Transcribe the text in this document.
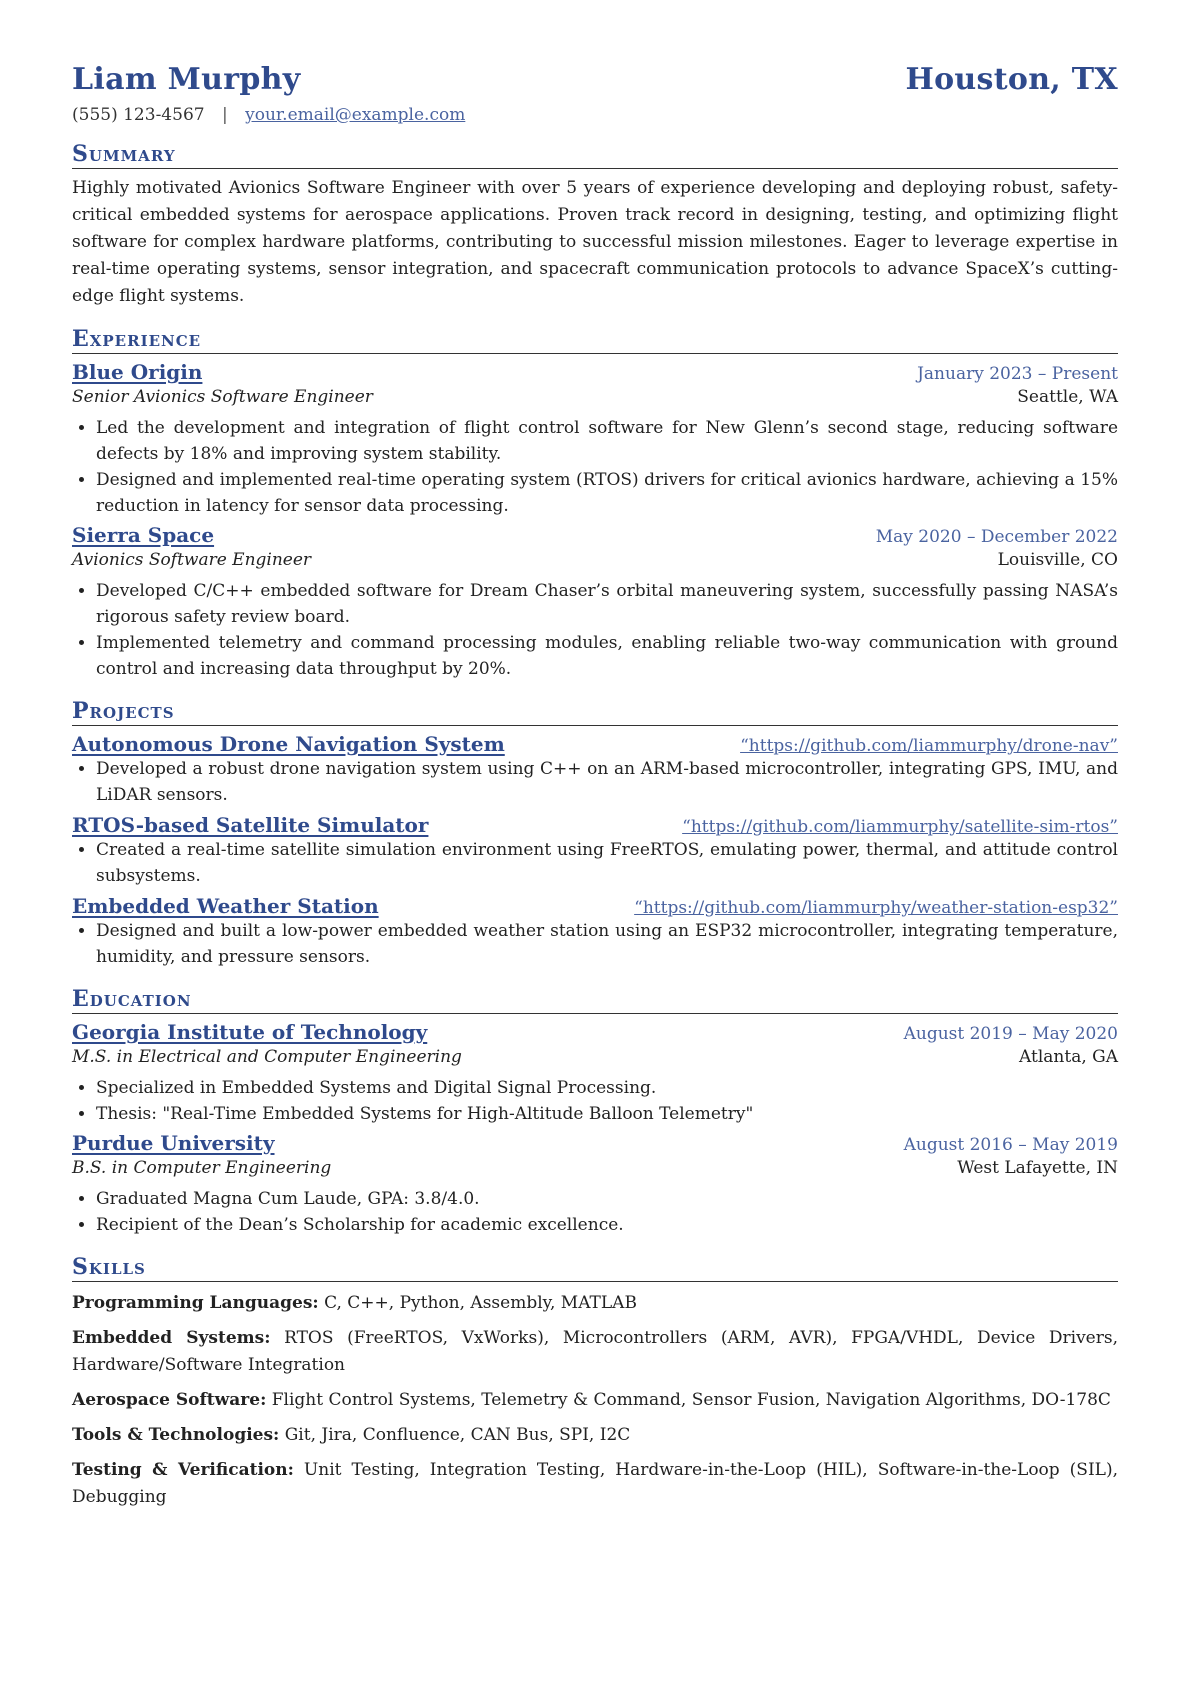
Liam Murphy	Houston, TX
(555) 123-4567 | your.email@example.com
Summary

Highly motivated Avionics Software Engineer with over 5 years of experience developing and deploying robust, safety-critical embedded systems for aerospace applications. Proven track record in designing, testing, and optimizing flight software for complex hardware platforms, contributing to successful mission milestones. Eager to leverage expertise in real-time operating systems, sensor integration, and spacecraft communication protocols to advance SpaceX’s cutting-edge flight systems.

Experience
Blue Origin	January 2023 – Present
Senior Avionics Software Engineer	Seattle, WA
• Led the development and integration of flight control software for New Glenn’s second stage, reducing software defects by 18% and improving system stability.
• Designed and implemented real-time operating system (RTOS) drivers for critical avionics hardware, achieving a 15% reduction in latency for sensor data processing.
Sierra Space	May 2020 – December 2022
Avionics Software Engineer	Louisville, CO
• Developed C/C++ embedded software for Dream Chaser’s orbital maneuvering system, successfully passing NASA’s rigorous safety review board.
• Implemented telemetry and command processing modules, enabling reliable two-way communication with ground control and increasing data throughput by 20%.
Projects
Autonomous Drone Navigation System	“https://github.com/liammurphy/drone-nav”
• Developed a robust drone navigation system using C++ on an ARM-based microcontroller, integrating GPS, IMU, and LiDAR sensors.
RTOS-based Satellite Simulator	“https://github.com/liammurphy/satellite-sim-rtos”
• Created a real-time satellite simulation environment using FreeRTOS, emulating power, thermal, and attitude control subsystems.
Embedded Weather Station	“https://github.com/liammurphy/weather-station-esp32”
• Designed and built a low-power embedded weather station using an ESP32 microcontroller, integrating temperature, humidity, and pressure sensors.
Education
Georgia Institute of Technology	August 2019 – May 2020
M.S. in Electrical and Computer Engineering	Atlanta, GA
• Specialized in Embedded Systems and Digital Signal Processing.
• Thesis: "Real-Time Embedded Systems for High-Altitude Balloon Telemetry"
Purdue University	August 2016 – May 2019
B.S. in Computer Engineering	West Lafayette, IN
• Graduated Magna Cum Laude, GPA: 3.8/4.0.
• Recipient of the Dean’s Scholarship for academic excellence.
Skills
Programming Languages: C, C++, Python, Assembly, MATLAB
Embedded Systems: RTOS (FreeRTOS, VxWorks), Microcontrollers (ARM, AVR), FPGA/VHDL, Device Drivers, Hardware/Software Integration
Aerospace Software: Flight Control Systems, Telemetry & Command, Sensor Fusion, Navigation Algorithms, DO-178C
Tools & Technologies: Git, Jira, Confluence, CAN Bus, SPI, I2C
Testing & Verification: Unit Testing, Integration Testing, Hardware-in-the-Loop (HIL), Software-in-the-Loop (SIL), Debugging
